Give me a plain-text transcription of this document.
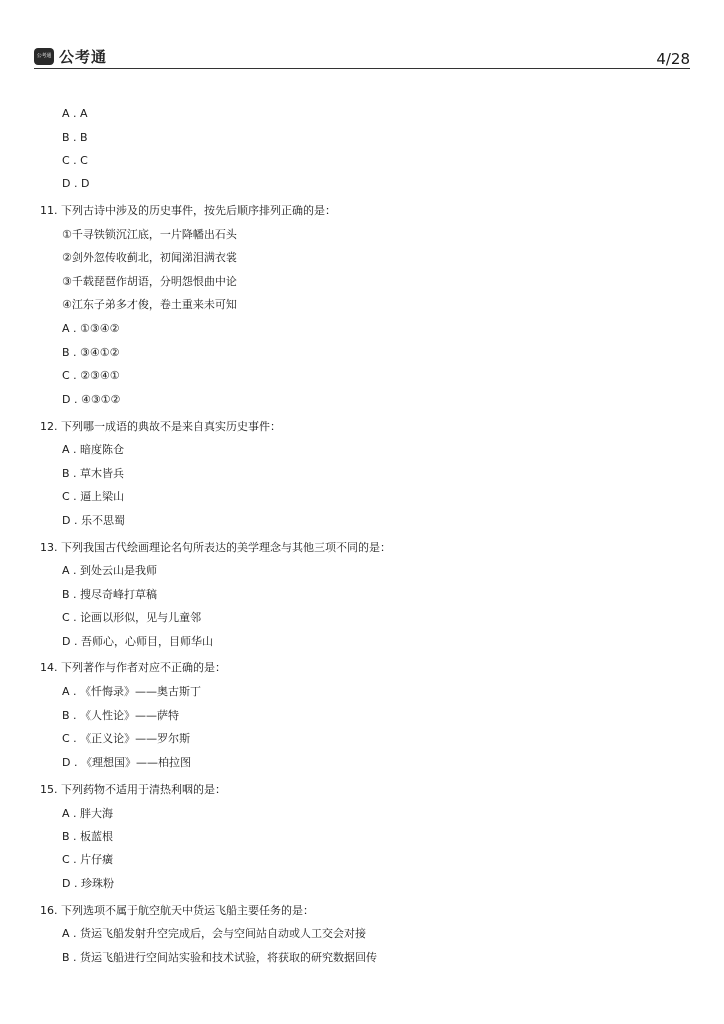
公考通 公考通	4/28
A . A
B . B
C . C
D . D
11. 下列古诗中涉及的历史事件，按先后顺序排列正确的是：
①千寻铁锁沉江底，一片降幡出石头
②剑外忽传收蓟北，初闻涕泪满衣裳
③千载琵琶作胡语，分明怨恨曲中论
④江东子弟多才俊，卷土重来未可知
A . ①③④②
B . ③④①②
C . ②③④①
D . ④③①②
12. 下列哪一成语的典故不是来自真实历史事件：
A . 暗度陈仓
B . 草木皆兵
C . 逼上梁山
D . 乐不思蜀
13. 下列我国古代绘画理论名句所表达的美学理念与其他三项不同的是：
A . 到处云山是我师
B . 搜尽奇峰打草稿
C . 论画以形似，见与儿童邻
D . 吾师心，心师目，目师华山
14. 下列著作与作者对应不正确的是：
A . 《忏悔录》——奥古斯丁
B . 《人性论》——萨特
C . 《正义论》——罗尔斯
D . 《理想国》——柏拉图
15. 下列药物不适用于清热利咽的是：
A . 胖大海
B . 板蓝根
C . 片仔癀
D . 珍珠粉
16. 下列选项不属于航空航天中货运飞船主要任务的是：
A . 货运飞船发射升空完成后，会与空间站自动或人工交会对接
B . 货运飞船进行空间站实验和技术试验，将获取的研究数据回传
